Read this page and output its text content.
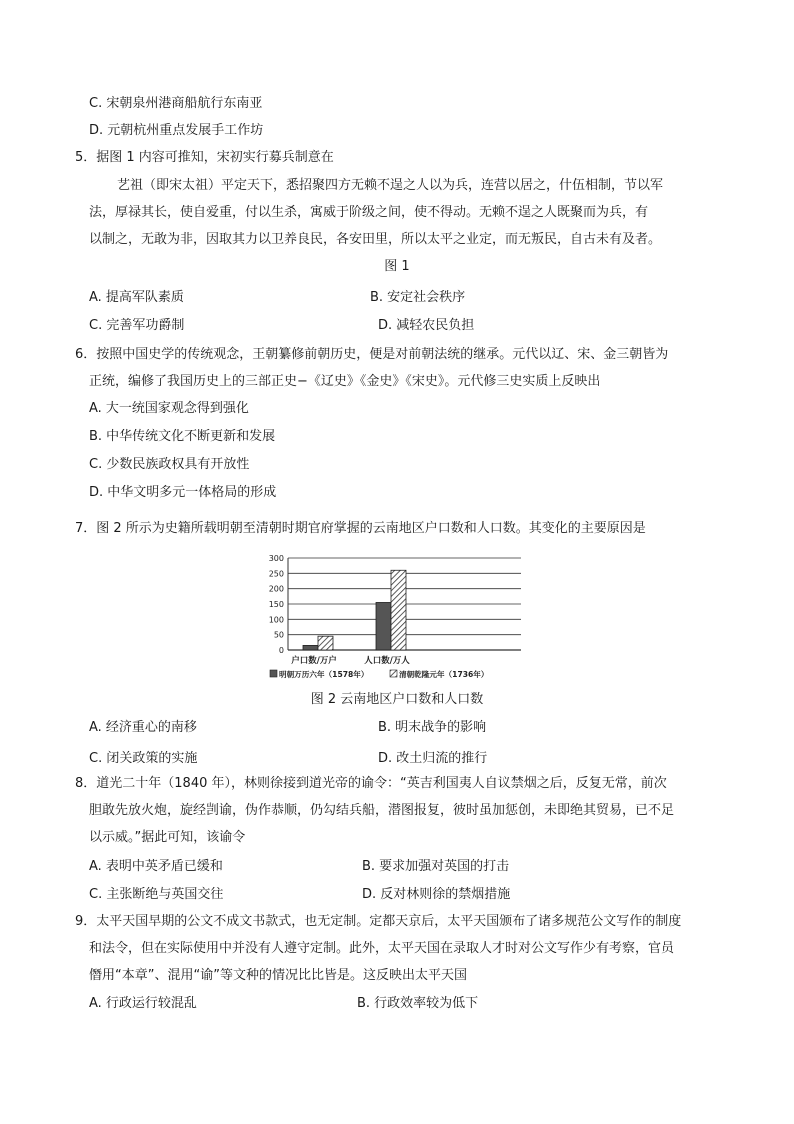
C. 宋朝泉州港商船航行东南亚
D. 元朝杭州重点发展手工作坊
5．据图 1 内容可推知，宋初实行募兵制意在
艺祖（即宋太祖）平定天下，悉招聚四方无赖不逞之人以为兵，连营以居之，什伍相制，节以军
法，厚禄其长，使自爱重，付以生杀，寓威于阶级之间，使不得动。无赖不逞之人既聚而为兵，有
以制之，无敢为非，因取其力以卫养良民，各安田里，所以太平之业定，而无叛民，自古未有及者。
图 1
A. 提高军队素质	B. 安定社会秩序
C. 完善军功爵制	D. 减轻农民负担
6．按照中国史学的传统观念，王朝纂修前朝历史，便是对前朝法统的继承。元代以辽、宋、金三朝皆为
正统，编修了我国历史上的三部正史−《辽史》《金史》《宋史》。元代修三史实质上反映出
A. 大一统国家观念得到强化
B. 中华传统文化不断更新和发展
C. 少数民族政权具有开放性
D. 中华文明多元一体格局的形成
7．图 2 所示为史籍所载明朝至清朝时期官府掌握的云南地区户口数和人口数。其变化的主要原因是
0
50
100
150
200
250
300
户口数/万户	人口数/万人
明朝万历六年（1578年）	清朝乾隆元年（1736年）
图 2 云南地区户口数和人口数
A. 经济重心的南移	B. 明末战争的影响
C. 闭关政策的实施	D. 改土归流的推行
8．道光二十年（1840 年），林则徐接到道光帝的谕令：“英吉利国夷人自议禁烟之后，反复无常，前次
胆敢先放火炮，旋经剀谕，伪作恭顺，仍勾结兵船，潜图报复，彼时虽加惩创，未即绝其贸易，已不足
以示威。”据此可知，该谕令
A. 表明中英矛盾已缓和	B. 要求加强对英国的打击
C. 主张断绝与英国交往	D. 反对林则徐的禁烟措施
9．太平天国早期的公文不成文书款式，也无定制。定都天京后，太平天国颁布了诸多规范公文写作的制度
和法令，但在实际使用中并没有人遵守定制。此外，太平天国在录取人才时对公文写作少有考察，官员
僭用“本章”、混用“谕”等文种的情况比比皆是。这反映出太平天国
A. 行政运行较混乱	B. 行政效率较为低下
